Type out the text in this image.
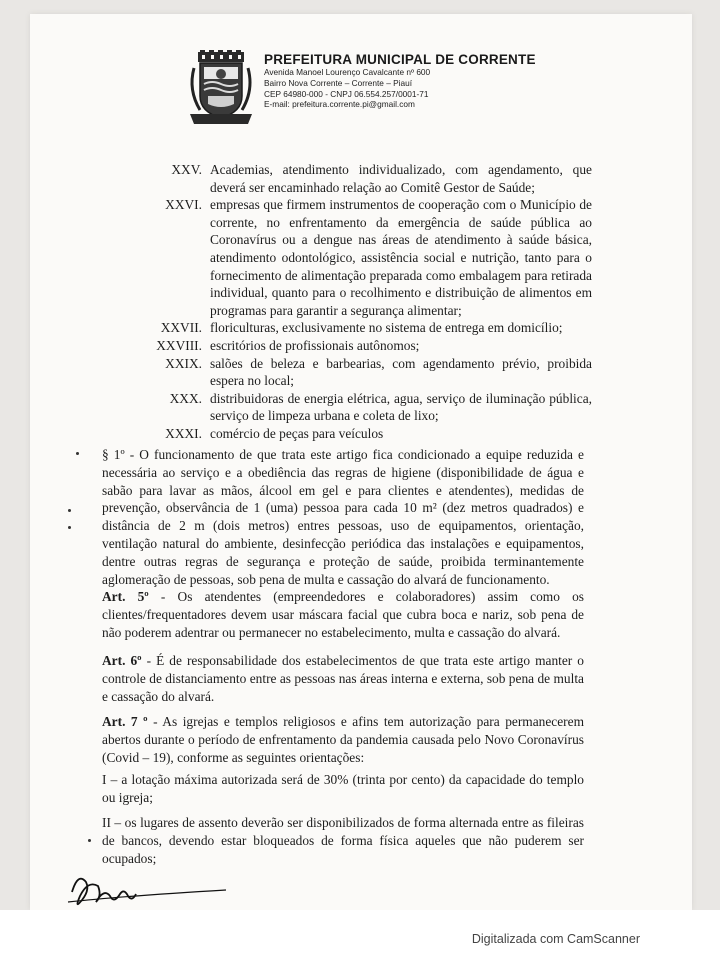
PREFEITURA MUNICIPAL DE CORRENTE
Avenida Manoel Lourenço Cavalcante nº 600
Bairro Nova Corrente – Corrente – Piauí
CEP 64980-000 - CNPJ 06.554.257/0001-71
E-mail: prefeitura.corrente.pi@gmail.com
XXV. Academias, atendimento individualizado, com agendamento, que deverá ser encaminhado relação ao Comitê Gestor de Saúde;
XXVI. empresas que firmem instrumentos de cooperação com o Município de corrente, no enfrentamento da emergência de saúde pública ao Coronavírus ou a dengue nas áreas de atendimento à saúde básica, atendimento odontológico, assistência social e nutrição, tanto para o fornecimento de alimentação preparada como embalagem para retirada individual, quanto para o recolhimento e distribuição de alimentos em programas para garantir a segurança alimentar;
XXVII. floriculturas, exclusivamente no sistema de entrega em domicílio;
XXVIII. escritórios de profissionais autônomos;
XXIX. salões de beleza e barbearias, com agendamento prévio, proibida espera no local;
XXX. distribuidoras de energia elétrica, agua, serviço de iluminação pública, serviço de limpeza urbana e coleta de lixo;
XXXI. comércio de peças para veículos
§ 1º - O funcionamento de que trata este artigo fica condicionado a equipe reduzida e necessária ao serviço e a obediência das regras de higiene (disponibilidade de água e sabão para lavar as mãos, álcool em gel e para clientes e atendentes), medidas de prevenção, observância de 1 (uma) pessoa para cada 10 m² (dez metros quadrados) e distância de 2 m (dois metros) entres pessoas, uso de equipamentos, orientação, ventilação natural do ambiente, desinfecção periódica das instalações e equipamentos, dentre outras regras de segurança e proteção de saúde, proibida terminantemente aglomeração de pessoas, sob pena de multa e cassação do alvará de funcionamento.
Art. 5º - Os atendentes (empreendedores e colaboradores) assim como os clientes/frequentadores devem usar máscara facial que cubra boca e nariz, sob pena de não poderem adentrar ou permanecer no estabelecimento, multa e cassação do alvará.
Art. 6º - É de responsabilidade dos estabelecimentos de que trata este artigo manter o controle de distanciamento entre as pessoas nas áreas interna e externa, sob pena de multa e cassação do alvará.
Art. 7 º - As igrejas e templos religiosos e afins tem autorização para permanecerem abertos durante o período de enfrentamento da pandemia causada pelo Novo Coronavírus (Covid – 19), conforme as seguintes orientações:
I – a lotação máxima autorizada será de 30% (trinta por cento) da capacidade do templo ou igreja;
II – os lugares de assento deverão ser disponibilizados de forma alternada entre as fileiras de bancos, devendo estar bloqueados de forma física aqueles que não puderem ser ocupados;
Digitalizada com CamScanner
